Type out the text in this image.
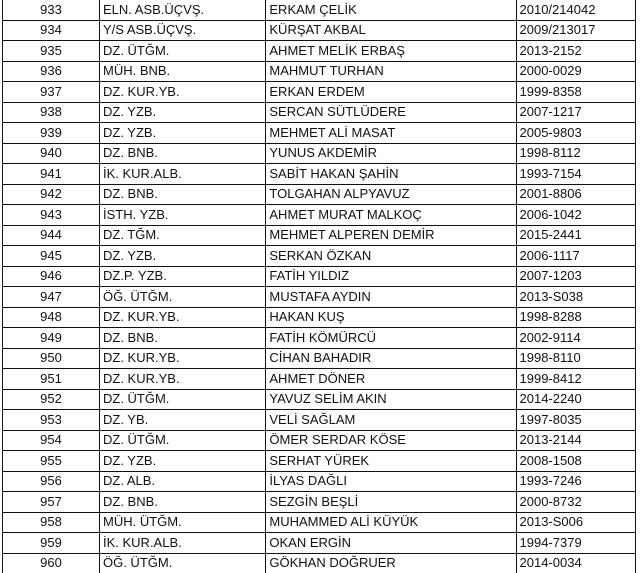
933	ELN. ASB.ÜÇVŞ.	ERKAM ÇELİK	2010/214042
934	Y/S ASB.ÜÇVŞ.	KÜRŞAT AKBAL	2009/213017
935	DZ. ÜTĞM.	AHMET MELİK ERBAŞ	2013-2152
936	MÜH. BNB.	MAHMUT TURHAN	2000-0029
937	DZ. KUR.YB.	ERKAN ERDEM	1999-8358
938	DZ. YZB.	SERCAN SÜTLÜDERE	2007-1217
939	DZ. YZB.	MEHMET ALİ MASAT	2005-9803
940	DZ. BNB.	YUNUS AKDEMİR	1998-8112
941	İK. KUR.ALB.	SABİT HAKAN ŞAHİN	1993-7154
942	DZ. BNB.	TOLGAHAN ALPYAVUZ	2001-8806
943	İSTH. YZB.	AHMET MURAT MALKOÇ	2006-1042
944	DZ. TĞM.	MEHMET ALPEREN DEMİR	2015-2441
945	DZ. YZB.	SERKAN ÖZKAN	2006-1117
946	DZ.P. YZB.	FATİH YILDIZ	2007-1203
947	ÖĞ. ÜTĞM.	MUSTAFA AYDIN	2013-S038
948	DZ. KUR.YB.	HAKAN KUŞ	1998-8288
949	DZ. BNB.	FATİH KÖMÜRCÜ	2002-9114
950	DZ. KUR.YB.	CİHAN BAHADIR	1998-8110
951	DZ. KUR.YB.	AHMET DÖNER	1999-8412
952	DZ. ÜTĞM.	YAVUZ SELİM AKIN	2014-2240
953	DZ. YB.	VELİ SAĞLAM	1997-8035
954	DZ. ÜTĞM.	ÖMER SERDAR KÖSE	2013-2144
955	DZ. YZB.	SERHAT YÜREK	2008-1508
956	DZ. ALB.	İLYAS DAĞLI	1993-7246
957	DZ. BNB.	SEZGİN BEŞLİ	2000-8732
958	MÜH. ÜTĞM.	MUHAMMED ALİ KÜYÜK	2013-S006
959	İK. KUR.ALB.	OKAN ERGİN	1994-7379
960	ÖĞ. ÜTĞM.	GÖKHAN DOĞRUER	2014-0034
